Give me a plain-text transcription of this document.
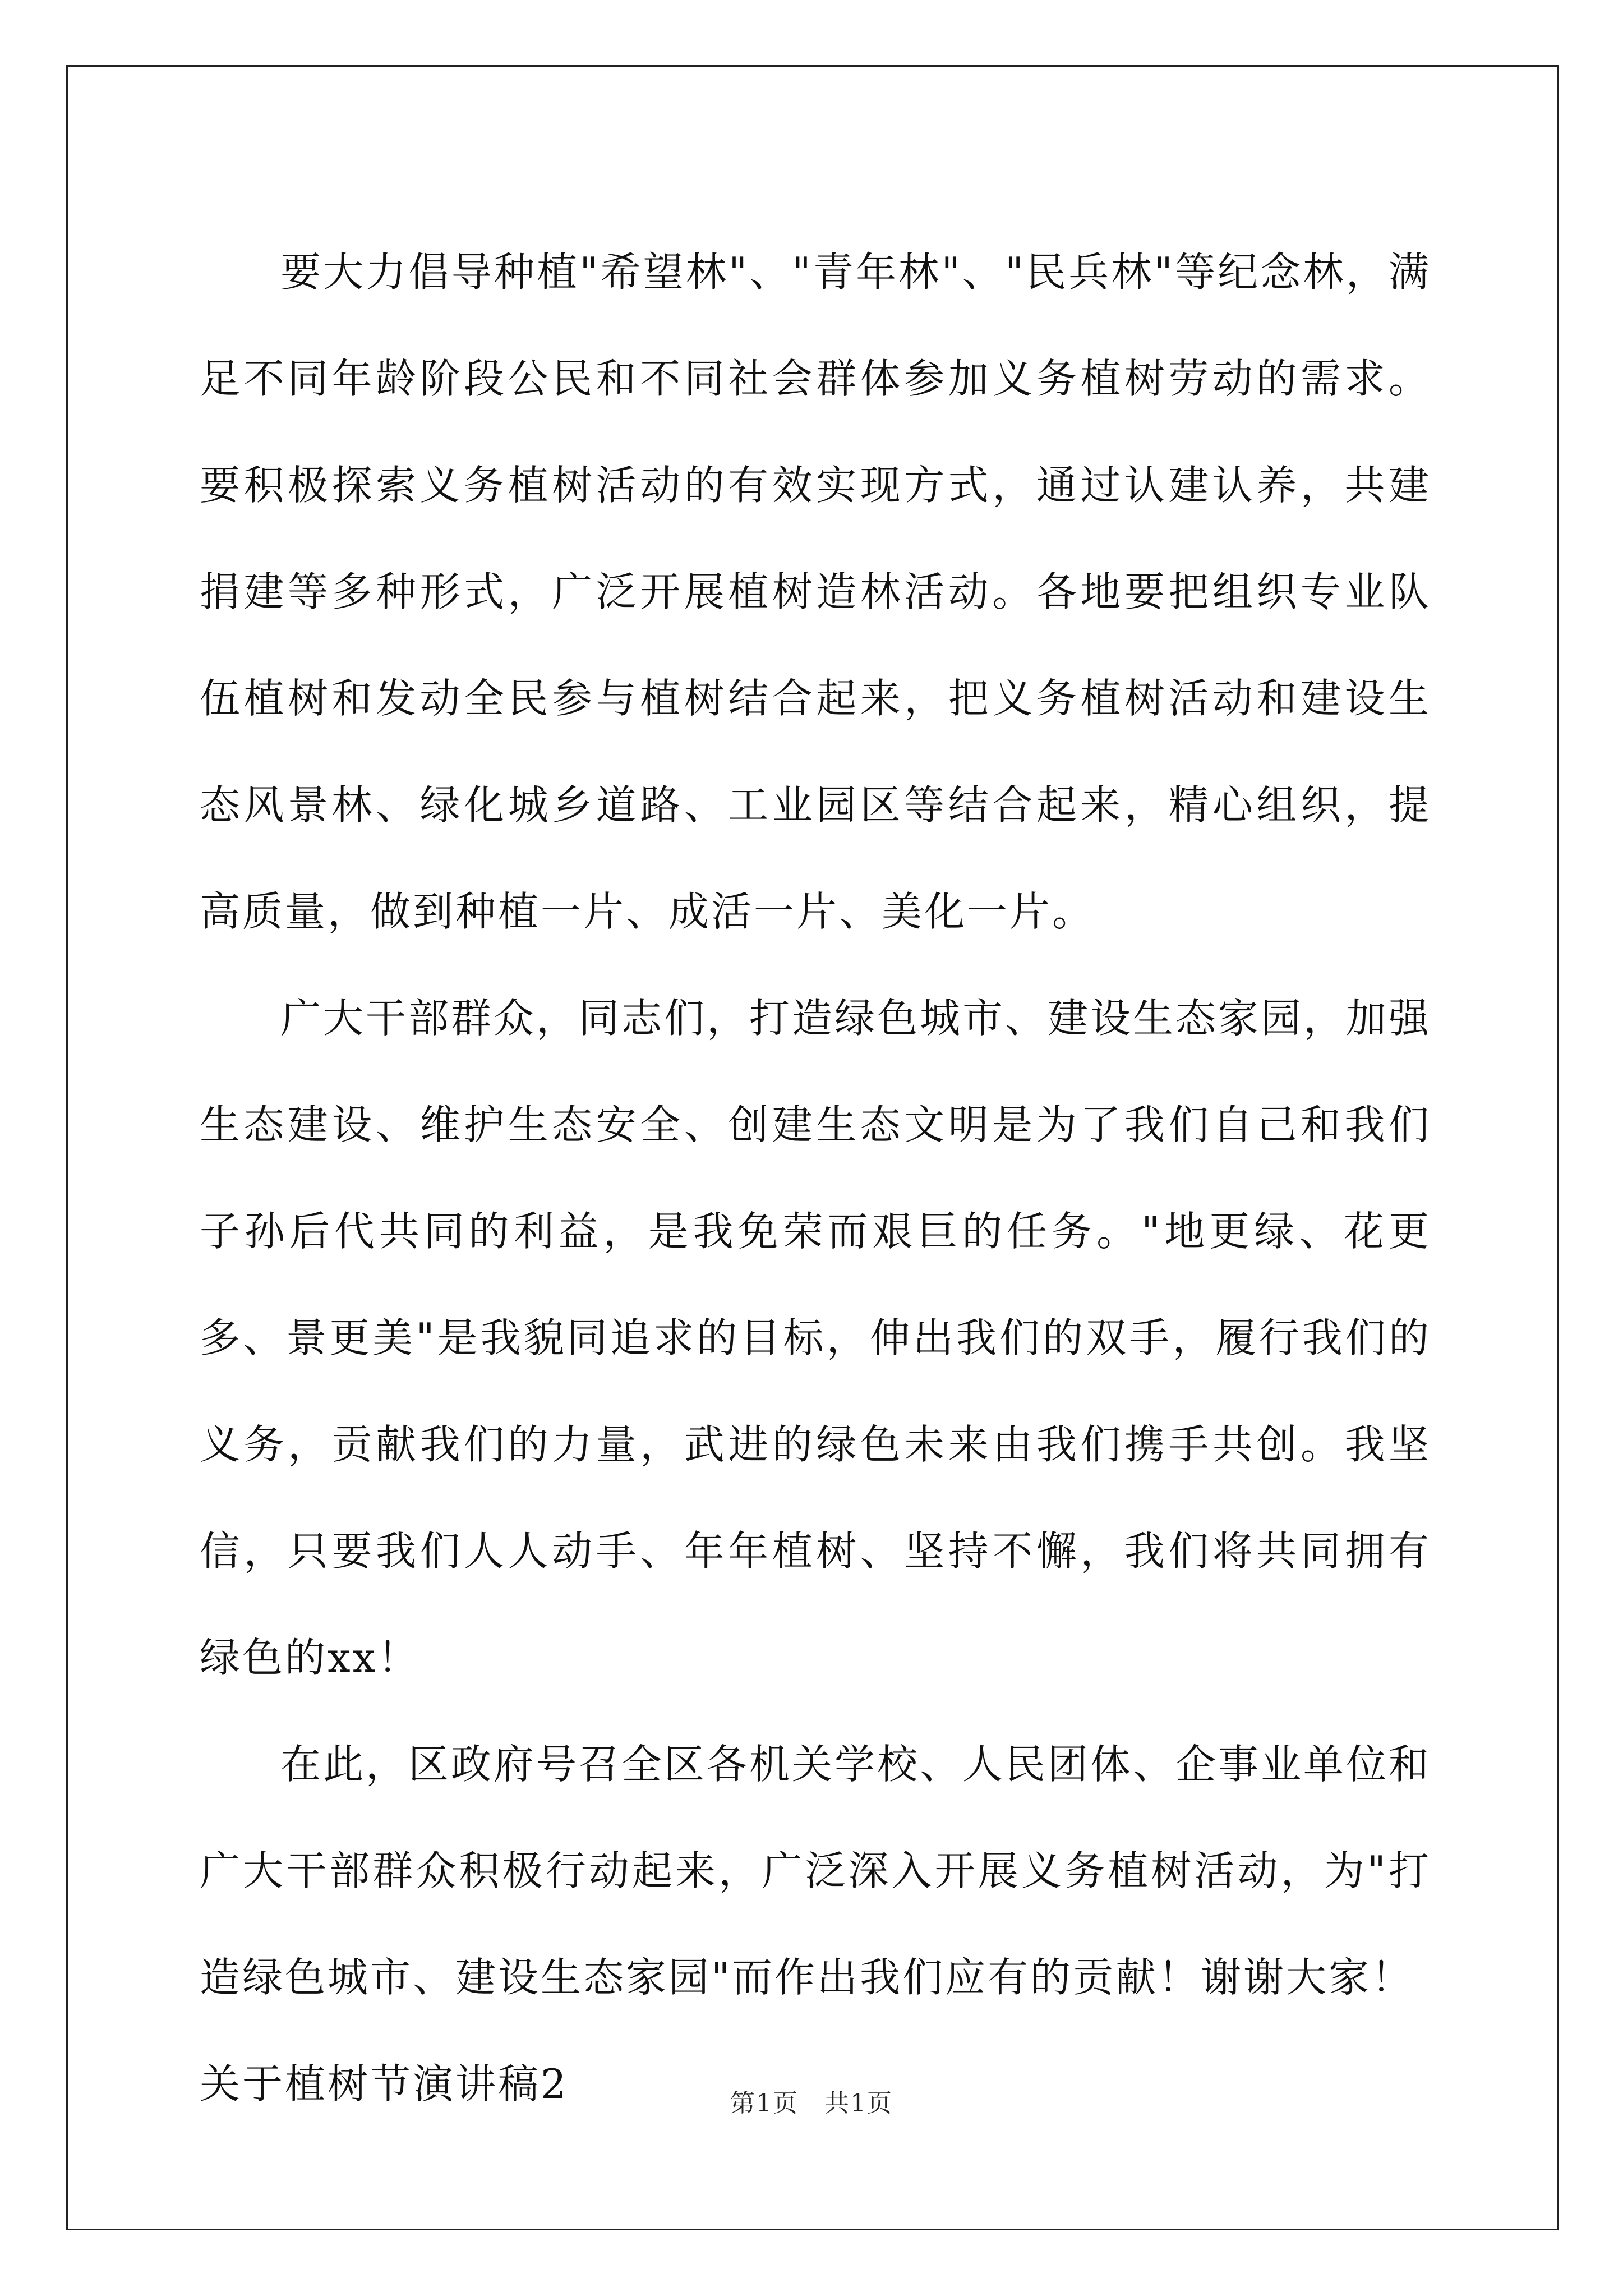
要大力倡导种植"希望林"、"青年林"、"民兵林"等纪念林，满足不同年龄阶段公民和不同社会群体参加义务植树劳动的需求。要积极探索义务植树活动的有效实现方式，通过认建认养，共建捐建等多种形式，广泛开展植树造林活动。各地要把组织专业队伍植树和发动全民参与植树结合起来，把义务植树活动和建设生态风景林、绿化城乡道路、工业园区等结合起来，精心组织，提高质量，做到种植一片、成活一片、美化一片。

广大干部群众，同志们，打造绿色城市、建设生态家园，加强生态建设、维护生态安全、创建生态文明是为了我们自己和我们子孙后代共同的利益，是我免荣而艰巨的任务。"地更绿、花更多、景更美"是我貌同追求的目标，伸出我们的双手，履行我们的义务，贡献我们的力量，武进的绿色未来由我们携手共创。我坚信，只要我们人人动手、年年植树、坚持不懈，我们将共同拥有绿色的xx！

在此，区政府号召全区各机关学校、人民团体、企事业单位和广大干部群众积极行动起来，广泛深入开展义务植树活动，为"打造绿色城市、建设生态家园"而作出我们应有的贡献！谢谢大家！

关于植树节演讲稿2	第1页　共1页
